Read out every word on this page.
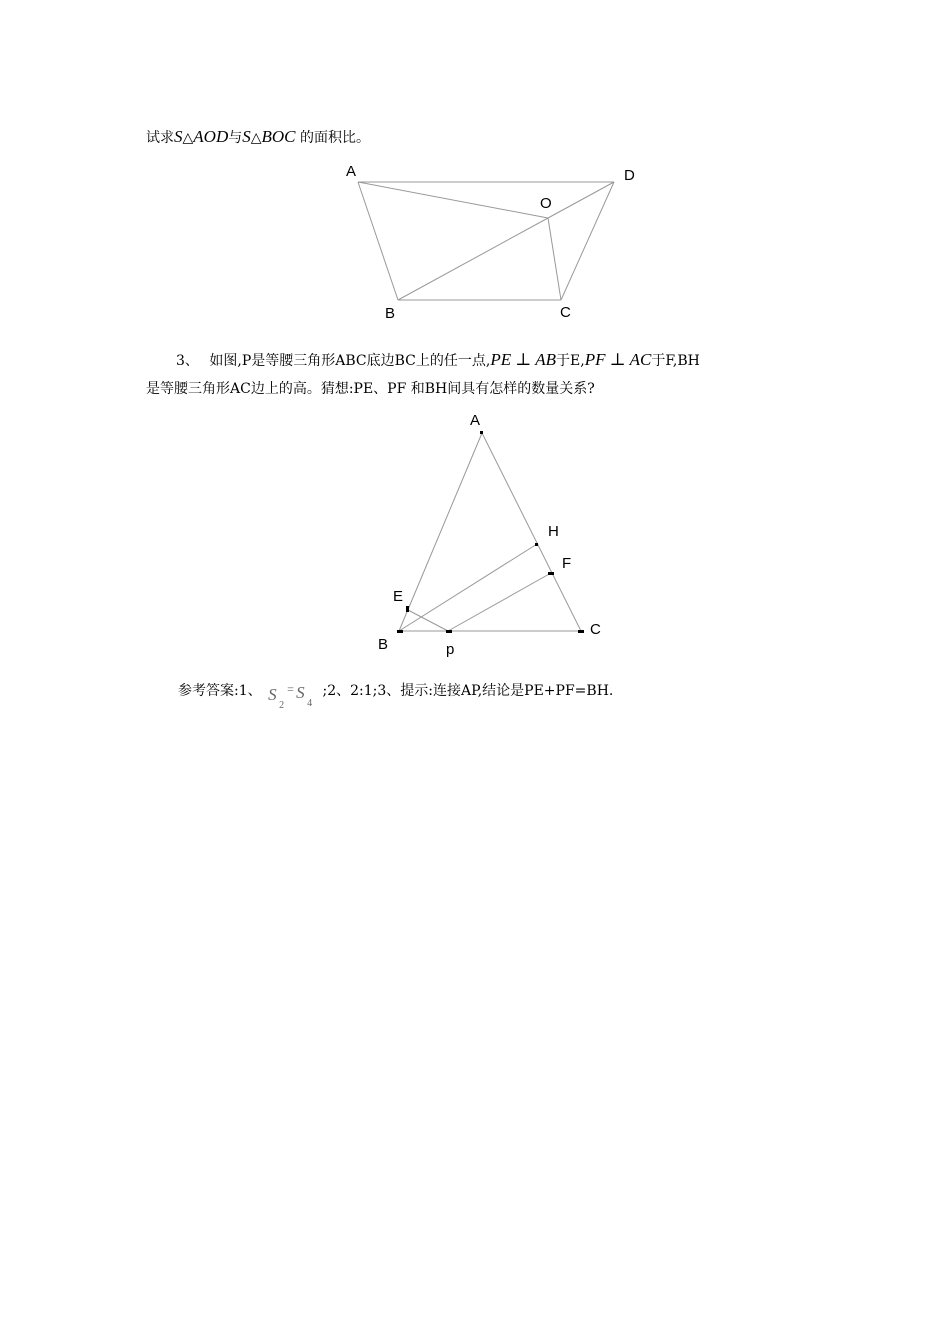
试求S△AOD与S△BOC 的面积比。
A	D
O
B	C
3、 如图,P是等腰三角形ABC底边BC上的任一点,PE ⊥ AB于E,PF ⊥ AC于F,BH
是等腰三角形AC边上的高。猜想:PE、PF 和BH间具有怎样的数量关系?
A
H
F
E
B
C
p
参考答案:1、 S
2
= S
4
;2、2:1;3、提示:连接AP,结论是PE+PF=BH.
